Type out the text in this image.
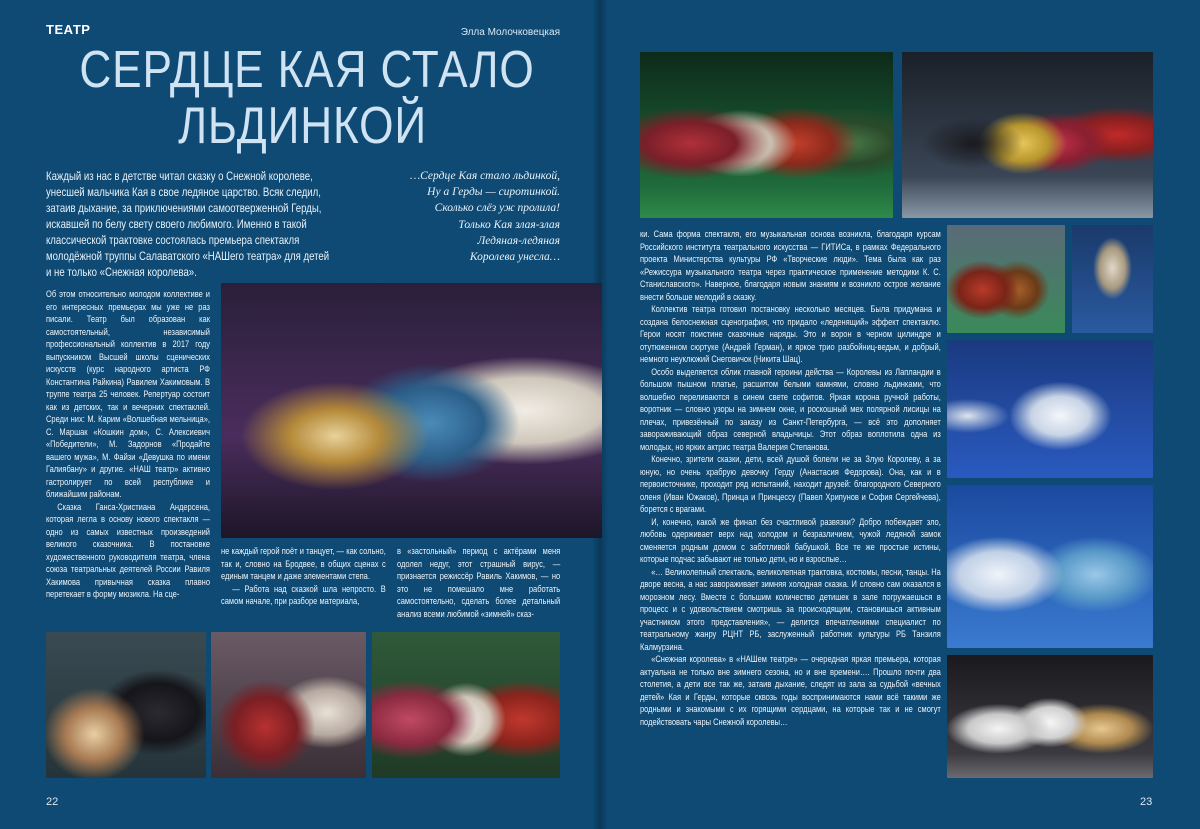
ТЕАТР	Элла Молочковецкая
СЕРДЦЕ КАЯ СТАЛО
ЛЬДИНКОЙ
Каждый из нас в детстве читал сказку о Снежной королеве, унесшей мальчика Кая в свое ледяное царство. Всяк следил, затаив дыхание, за приключениями самоотверженной Герды, искавшей по белу свету своего любимого. Именно в такой классической трактовке состоялась премьера спектакля молодёжной труппы Салаватского «НАШего театра» для детей и не только «Снежная королева».
…Сердце Кая стало льдинкой,
Ну а Герды — сиротинкой.
Сколько слёз уж пролила!
Только Кая злая-злая
Ледяная-ледяная
Королева унесла…

Об этом относительно молодом коллективе и его интересных премьерах мы уже не раз писали. Театр был образован как самостоятельный, независимый профессиональный коллектив в 2017 году выпускником Высшей школы сценических искусств (курс народного артиста РФ Константина Райкина) Равилем Хакимовым. В труппе театра 25 человек. Репертуар состоит как из детских, так и вечерних спектаклей. Среди них: М. Карим «Волшебная мельница», С. Маршак «Кошкин дом», С. Алексиевич «Победители», М. Задорнов «Продайте вашего мужа», М. Файзи «Девушка по имени Галиябану» и другие. «НАШ театр» активно гастролирует по всей республике и ближайшим районам.

Сказка Ганса-Христиана Андерсена, которая легла в основу нового спектакля — одно из самых известных произведений великого сказочника. В постановке художественного руководителя театра, члена союза театральных деятелей России Равиля Хакимова привычная сказка плавно перетекает в форму мюзикла. На сце-

не каждый герой поёт и танцует, — как сольно, так и, словно на Бродвее, в общих сценах с единым танцем и даже элементами степа.

— Работа над сказкой шла непросто. В самом начале, при разборе материала,

в «застольный» период с актёрами меня одолел недуг, этот страшный вирус, — признается режиссёр Равиль Хакимов, — но это не помешало мне работать самостоятельно, сделать более детальный анализ всеми любимой «зимней» сказ-

22

ки. Сама форма спектакля, его музыкальная основа возникла, благодаря курсам Российского института театрального искусства — ГИТИСа, в рамках Федерального проекта Министерства культуры РФ «Творческие люди». Тема была как раз «Режиссура музыкального театра через практическое применение методики К. С. Станиславского». Наверное, благодаря новым знаниям и возникло острое желание внести больше мелодий в сказку.

Коллектив театра готовил постановку несколько месяцев. Была придумана и создана белоснежная сценография, что придало «леденящий» эффект спектаклю. Герои носят поистине сказочные наряды. Это и ворон в черном цилиндре и отутюженном сюртуке (Андрей Герман), и яркое трио разбойниц-ведьм, и добрый, немного неуклюжий Снеговичок (Никита Шац).

Особо выделяется облик главной героини действа — Королевы из Лапландии в большом пышном платье, расшитом белыми камнями, словно льдинками, что волшебно переливаются в синем свете софитов. Яркая корона ручной работы, воротник — словно узоры на зимнем окне, и роскошный мех полярной лисицы на плечах, привезённый по заказу из Санкт-Петербурга, — всё это дополняет завораживающий образ северной владычицы. Этот образ воплотила одна из молодых, но ярких актрис театра Валерия Степанова.

Конечно, зрители сказки, дети, всей душой болели не за Злую Королеву, а за юную, но очень храбрую девочку Герду (Анастасия Федорова). Она, как и в первоисточнике, проходит ряд испытаний, находит друзей: благородного Северного оленя (Иван Южаков), Принца и Принцессу (Павел Хрипунов и София Сергейчева), борется с врагами.

И, конечно, какой же финал без счастливой развязки? Добро побеждает зло, любовь одерживает верх над холодом и безразличием, чужой ледяной замок сменяется родным домом с заботливой бабушкой. Все те же простые истины, которые подчас забывают не только дети, но и взрослые…

«… Великолепный спектакль, великолепная трактовка, костюмы, песни, танцы. На дворе весна, а нас завораживает зимняя холодная сказка. И словно сам оказался в морозном лесу. Вместе с большим количество детишек в зале погружаешься в процесс и с удовольствием смотришь за происходящим, становишься активным участником этого представления», — делится впечатлениями специалист по театральному жанру РЦНТ РБ, заслуженный работник культуры РБ Танзиля Калмурзина.

«Снежная королева» в «НАШем театре» — очередная яркая премьера, которая актуальна не только вне зимнего сезона, но и вне времени…. Прошло почти два столетия, а дети все так же, затаив дыхание, следят из зала за судьбой «вечных детей» Кая и Герды, которые сквозь годы воспринимаются нами всё такими же родными и знакомыми с их горящими сердцами, на которые так и не смогут подействовать чары Снежной королевы…

23
